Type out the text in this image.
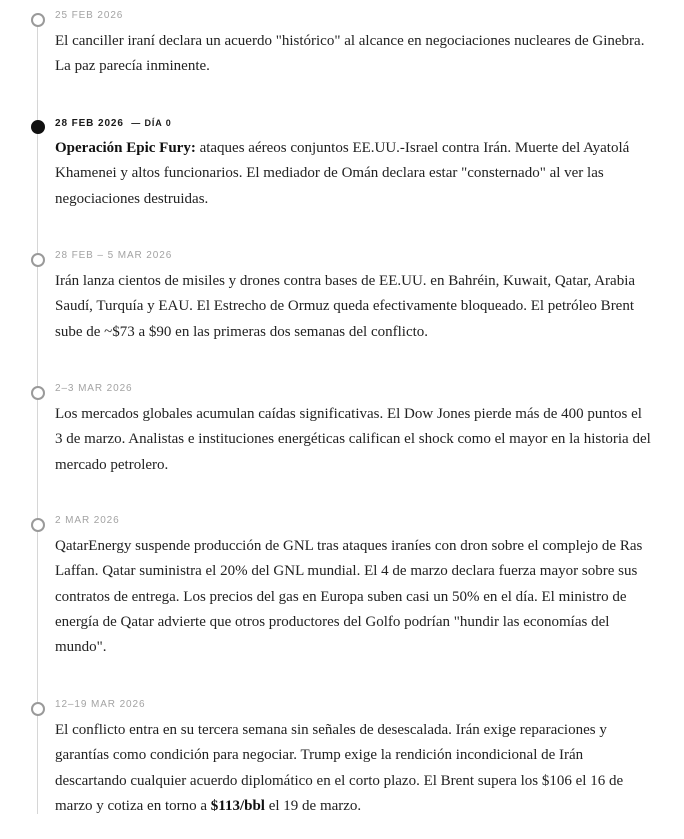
25 FEB 2026
El canciller iraní declara un acuerdo "histórico" al alcance en negociaciones nucleares de Ginebra. La paz parecía inminente.
28 FEB 2026 — DÍA 0
Operación Epic Fury: ataques aéreos conjuntos EE.UU.-Israel contra Irán. Muerte del Ayatolá Khamenei y altos funcionarios. El mediador de Omán declara estar "consternado" al ver las negociaciones destruidas.
28 FEB – 5 MAR 2026
Irán lanza cientos de misiles y drones contra bases de EE.UU. en Bahréin, Kuwait, Qatar, Arabia Saudí, Turquía y EAU. El Estrecho de Ormuz queda efectivamente bloqueado. El petróleo Brent sube de ~$73 a $90 en las primeras dos semanas del conflicto.
2–3 MAR 2026
Los mercados globales acumulan caídas significativas. El Dow Jones pierde más de 400 puntos el 3 de marzo. Analistas e instituciones energéticas califican el shock como el mayor en la historia del mercado petrolero.
2 MAR 2026
QatarEnergy suspende producción de GNL tras ataques iraníes con dron sobre el complejo de Ras Laffan. Qatar suministra el 20% del GNL mundial. El 4 de marzo declara fuerza mayor sobre sus contratos de entrega. Los precios del gas en Europa suben casi un 50% en el día. El ministro de energía de Qatar advierte que otros productores del Golfo podrían "hundir las economías del mundo".
12–19 MAR 2026
El conflicto entra en su tercera semana sin señales de desescalada. Irán exige reparaciones y garantías como condición para negociar. Trump exige la rendición incondicional de Irán descartando cualquier acuerdo diplomático en el corto plazo. El Brent supera los $106 el 16 de marzo y cotiza en torno a $113/bbl el 19 de marzo.
